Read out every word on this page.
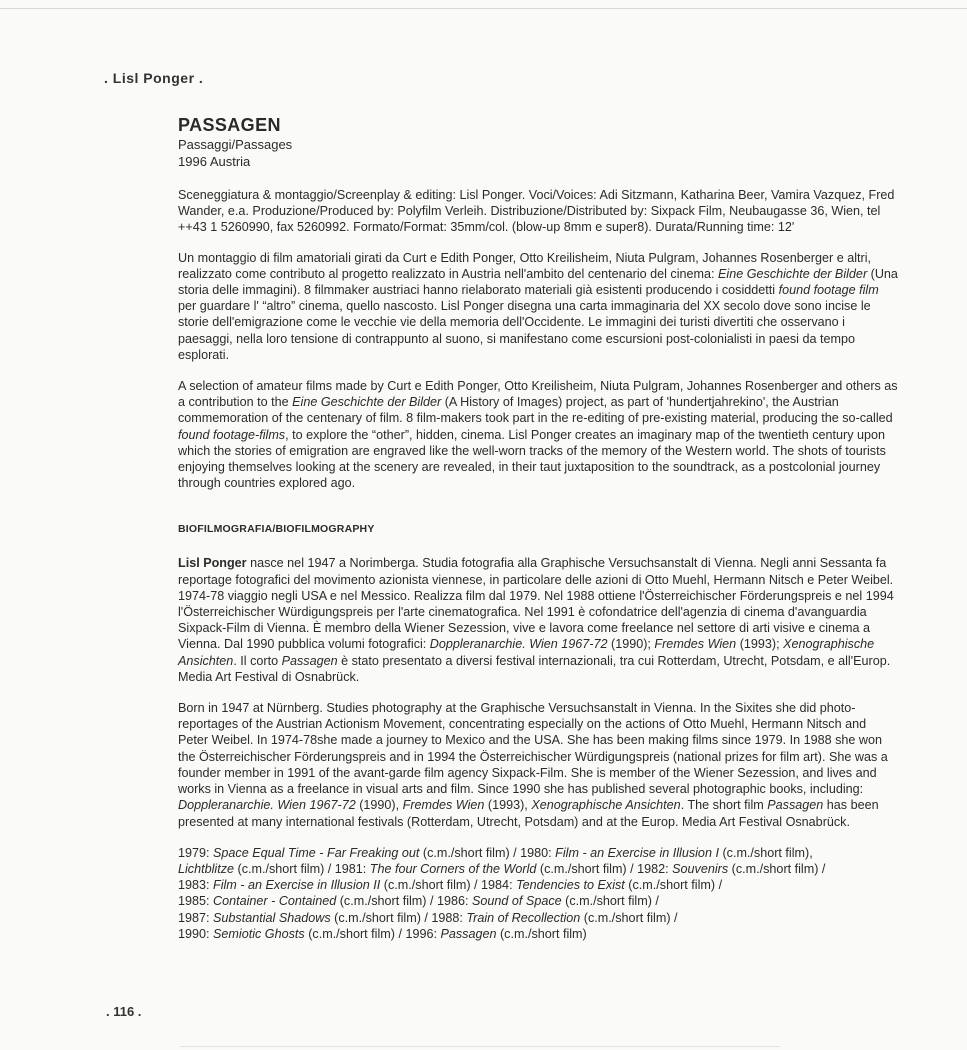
. Lisl Ponger .
PASSAGEN
Passaggi/Passages
1996 Austria

Sceneggiatura & montaggio/Screenplay & editing: Lisl Ponger. Voci/Voices: Adi Sitzmann, Katharina Beer, Vamira Vazquez, Fred Wander, e.a. Produzione/Produced by: Polyfilm Verleih. Distribuzione/Distributed by: Sixpack Film, Neubaugasse 36, Wien, tel ++43 1 5260990, fax 5260992. Formato/Format: 35mm/col. (blow-up 8mm e super8). Durata/Running time: 12'

Un montaggio di film amatoriali girati da Curt e Edith Ponger, Otto Kreilisheim, Niuta Pulgram, Johannes Rosenberger e altri, realizzato come contributo al progetto realizzato in Austria nell'ambito del centenario del cinema: Eine Geschichte der Bilder (Una storia delle immagini). 8 filmmaker austriaci hanno rielaborato materiali già esistenti producendo i cosiddetti found footage film per guardare l' “altro” cinema, quello nascosto. Lisl Ponger disegna una carta immaginaria del XX secolo dove sono incise le storie dell'emigrazione come le vecchie vie della memoria dell'Occidente. Le immagini dei turisti divertiti che osservano i paesaggi, nella loro tensione di contrappunto al suono, si manifestano come escursioni post-colonialisti in paesi da tempo esplorati.

A selection of amateur films made by Curt e Edith Ponger, Otto Kreilisheim, Niuta Pulgram, Johannes Rosenberger and others as a contribution to the Eine Geschichte der Bilder (A History of Images) project, as part of 'hundertjahrekino', the Austrian commemoration of the centenary of film. 8 film-makers took part in the re-editing of pre-existing material, producing the so-called found footage-films, to explore the “other”, hidden, cinema. Lisl Ponger creates an imaginary map of the twentieth century upon which the stories of emigration are engraved like the well-worn tracks of the memory of the Western world. The shots of tourists enjoying themselves looking at the scenery are revealed, in their taut juxtaposition to the soundtrack, as a postcolonial journey through countries explored ago.

BIOFILMOGRAFIA/BIOFILMOGRAPHY

Lisl Ponger nasce nel 1947 a Norimberga. Studia fotografia alla Graphische Versuchsanstalt di Vienna. Negli anni Sessanta fa reportage fotografici del movimento azionista viennese, in particolare delle azioni di Otto Muehl, Hermann Nitsch e Peter Weibel. 1974-78 viaggio negli USA e nel Messico. Realizza film dal 1979. Nel 1988 ottiene l'Österreichischer Förderungspreis e nel 1994 l'Österreichischer Würdigungspreis per l'arte cinematografica. Nel 1991 è cofondatrice dell'agenzia di cinema d'avanguardia Sixpack-Film di Vienna. È membro della Wiener Sezession, vive e lavora come freelance nel settore di arti visive e cinema a Vienna. Dal 1990 pubblica volumi fotografici: Doppleranarchie. Wien 1967-72 (1990); Fremdes Wien (1993); Xenographische Ansichten. Il corto Passagen è stato presentato a diversi festival internazionali, tra cui Rotterdam, Utrecht, Potsdam, e all'Europ. Media Art Festival di Osnabrück.

Born in 1947 at Nürnberg. Studies photography at the Graphische Versuchsanstalt in Vienna. In the Sixites she did photo-reportages of the Austrian Actionism Movement, concentrating especially on the actions of Otto Muehl, Hermann Nitsch and Peter Weibel. In 1974-78she made a journey to Mexico and the USA. She has been making films since 1979. In 1988 she won the Österreichischer Förderungspreis and in 1994 the Österreichischer Würdigungspreis (national prizes for film art). She was a founder member in 1991 of the avant-garde film agency Sixpack-Film. She is member of the Wiener Sezession, and lives and works in Vienna as a freelance in visual arts and film. Since 1990 she has published several photographic books, including: Doppleranarchie. Wien 1967-72 (1990), Fremdes Wien (1993), Xenographische Ansichten. The short film Passagen has been presented at many international festivals (Rotterdam, Utrecht, Potsdam) and at the Europ. Media Art Festival Osnabrück.

1979: Space Equal Time - Far Freaking out (c.m./short film) / 1980: Film - an Exercise in Illusion I (c.m./short film),
Lichtblitze (c.m./short film) / 1981: The four Corners of the World (c.m./short film) / 1982: Souvenirs (c.m./short film) /
1983: Film - an Exercise in Illusion II (c.m./short film) / 1984: Tendencies to Exist (c.m./short film) /
1985: Container - Contained (c.m./short film) / 1986: Sound of Space (c.m./short film) /
1987: Substantial Shadows (c.m./short film) / 1988: Train of Recollection (c.m./short film) /
1990: Semiotic Ghosts (c.m./short film) / 1996: Passagen (c.m./short film)

. 116 .
